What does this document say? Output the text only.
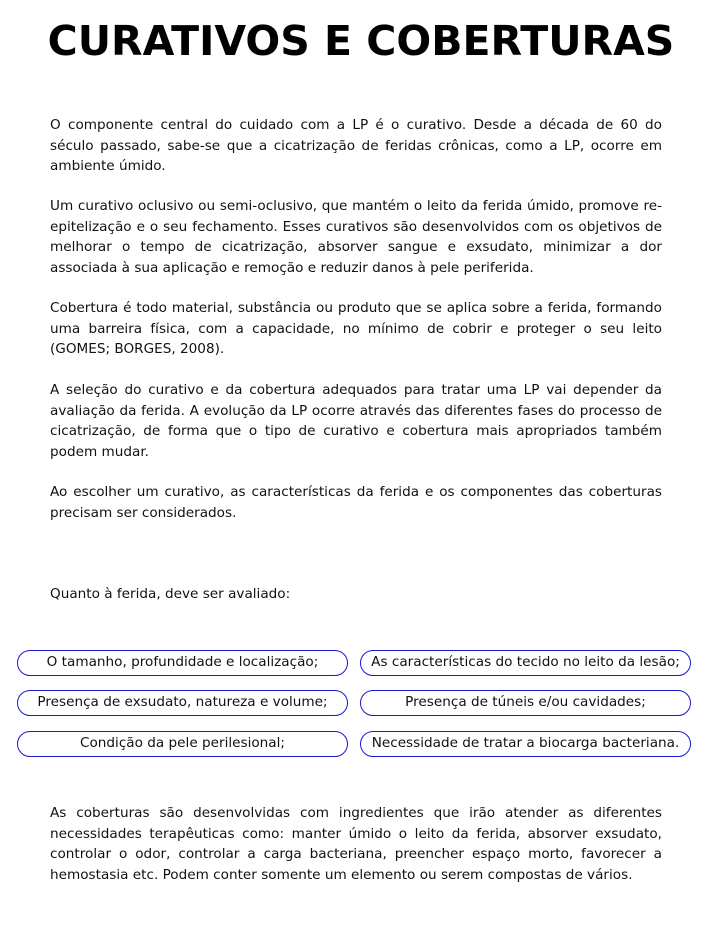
CURATIVOS E COBERTURAS

O componente central do cuidado com a LP é o curativo. Desde a década de 60 do século passado, sabe-se que a cicatrização de feridas crônicas, como a LP, ocorre em ambiente úmido.

Um curativo oclusivo ou semi-oclusivo, que mantém o leito da ferida úmido, promove re-epitelização e o seu fechamento. Esses curativos são desenvolvidos com os objetivos de melhorar o tempo de cicatrização, absorver sangue e exsudato, minimizar a dor associada à sua aplicação e remoção e reduzir danos à pele periferida.

Cobertura é todo material, substância ou produto que se aplica sobre a ferida, formando uma barreira física, com a capacidade, no mínimo de cobrir e proteger o seu leito (GOMES; BORGES, 2008).

A seleção do curativo e da cobertura adequados para tratar uma LP vai depender da avaliação da ferida. A evolução da LP ocorre através das diferentes fases do processo de cicatrização, de forma que o tipo de curativo e cobertura mais apropriados também podem mudar.

Ao escolher um curativo, as características da ferida e os componentes das coberturas precisam ser considerados.

Quanto à ferida, deve ser avaliado:

O tamanho, profundidade e localização;	As características do tecido no leito da lesão;
Presença de exsudato, natureza e volume;	Presença de túneis e/ou cavidades;
Condição da pele perilesional;	Necessidade de tratar a biocarga bacteriana.

As coberturas são desenvolvidas com ingredientes que irão atender as diferentes necessidades terapêuticas como: manter úmido o leito da ferida, absorver exsudato, controlar o odor, controlar a carga bacteriana, preencher espaço morto, favorecer a hemostasia etc. Podem conter somente um elemento ou serem compostas de vários.
